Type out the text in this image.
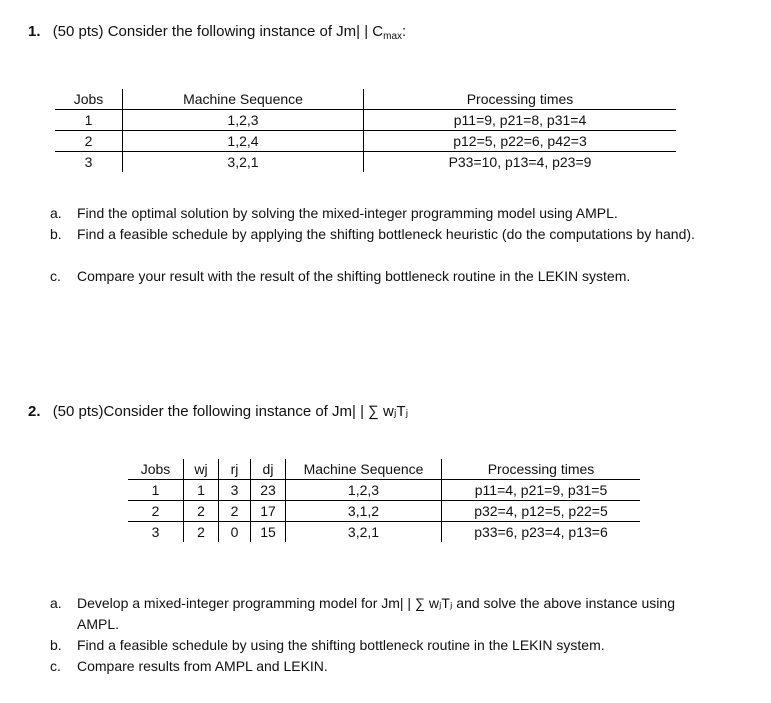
1. (50 pts) Consider the following instance of Jm| | $C_{max}$:
Jobs	Machine Sequence	Processing times
1	1,2,3	p11=9, p21=8, p31=4
2	1,2,4	p12=5, p22=6, p42=3
3	3,2,1	P33=10, p13=4, p23=9
a. Find the optimal solution by solving the mixed-integer programming model using AMPL.
b. Find a feasible schedule by applying the shifting bottleneck heuristic (do the computations by hand).
c. Compare your result with the result of the shifting bottleneck routine in the LEKIN system.
2. (50 pts)Consider the following instance of Jm| | ∑ wⱼTⱼ
Jobs	wj	rj	dj	Machine Sequence	Processing times
1	1	3	23	1,2,3	p11=4, p21=9, p31=5
2	2	2	17	3,1,2	p32=4, p12=5, p22=5
3	2	0	15	3,2,1	p33=6, p23=4, p13=6
a. Develop a mixed-integer programming model for Jm| | ∑ wⱼTⱼ and solve the above instance using AMPL.
b. Find a feasible schedule by using the shifting bottleneck routine in the LEKIN system.
c. Compare results from AMPL and LEKIN.
